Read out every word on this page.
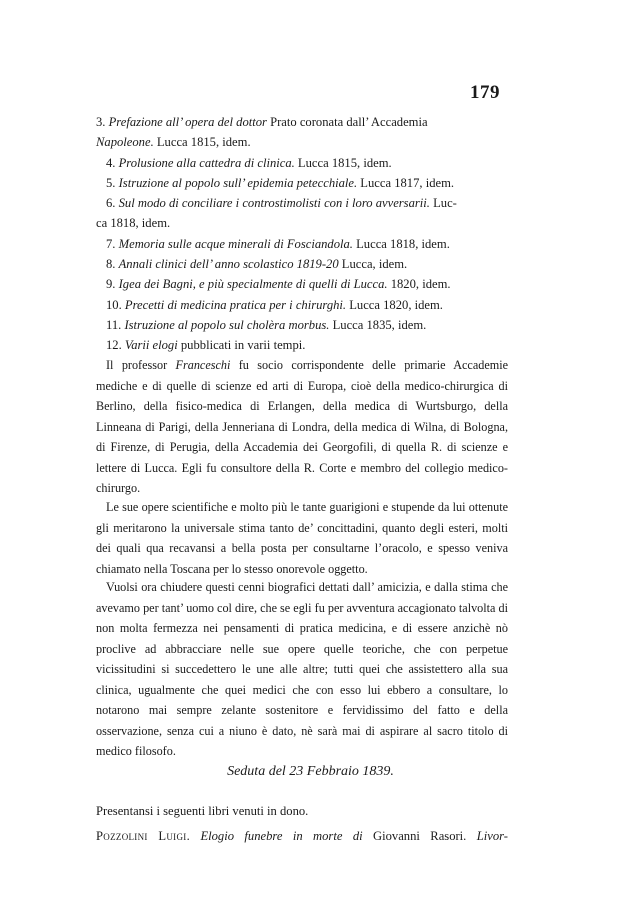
179
3. Prefazione all’ opera del dottor Prato coronata dall’ Accademia
Napoleone. Lucca 1815, idem.
4. Prolusione alla cattedra di clinica. Lucca 1815, idem.
5. Istruzione al popolo sull’ epidemia petecchiale. Lucca 1817, idem.
6. Sul modo di conciliare i controstimolisti con i loro avversarii. Luc-
ca 1818, idem.
7. Memoria sulle acque minerali di Fosciandola. Lucca 1818, idem.
8. Annali clinici dell’ anno scolastico 1819-20 Lucca, idem.
9. Igea dei Bagni, e più specialmente di quelli di Lucca. 1820, idem.
10. Precetti di medicina pratica per i chirurghi. Lucca 1820, idem.
11. Istruzione al popolo sul cholèra morbus. Lucca 1835, idem.
12. Varii elogi pubblicati in varii tempi.
Il professor Franceschi fu socio corrispondente delle primarie Accademie mediche e di quelle di scienze ed arti di Europa, cioè della medico-chirurgica di Berlino, della fisico-medica di Erlangen, della medica di Wurtsburgo, della Linneana di Parigi, della Jenneriana di Londra, della medica di Wilna, di Bologna, di Firenze, di Perugia, della Accademia dei Georgofili, di quella R. di scienze e lettere di Lucca. Egli fu consultore della R. Corte e membro del collegio medico-chirurgo.
Le sue opere scientifiche e molto più le tante guarigioni e stupende da lui ottenute gli meritarono la universale stima tanto de’ concittadini, quanto degli esteri, molti dei quali qua recavansi a bella posta per consultarne l’oracolo, e spesso veniva chiamato nella Toscana per lo stesso onorevole oggetto.
Vuolsi ora chiudere questi cenni biografici dettati dall’ amicizia, e dalla stima che avevamo per tant’ uomo col dire, che se egli fu per avventura accagionato talvolta di non molta fermezza nei pensamenti di pratica medicina, e di essere anzichè nò proclive ad abbracciare nelle sue opere quelle teoriche, che con perpetue vicissitudini si succedettero le une alle altre; tutti quei che assistettero alla sua clinica, ugualmente che quei medici che con esso lui ebbero a consultare, lo notarono mai sempre zelante sostenitore e fervidissimo del fatto e della osservazione, senza cui a niuno è dato, nè sarà mai di aspirare al sacro titolo di medico filosofo.
Seduta del 23 Febbraio 1839.
Presentansi i seguenti libri venuti in dono.
Pozzolini Luigi. Elogio funebre in morte di Giovanni Rasori. Livor-
